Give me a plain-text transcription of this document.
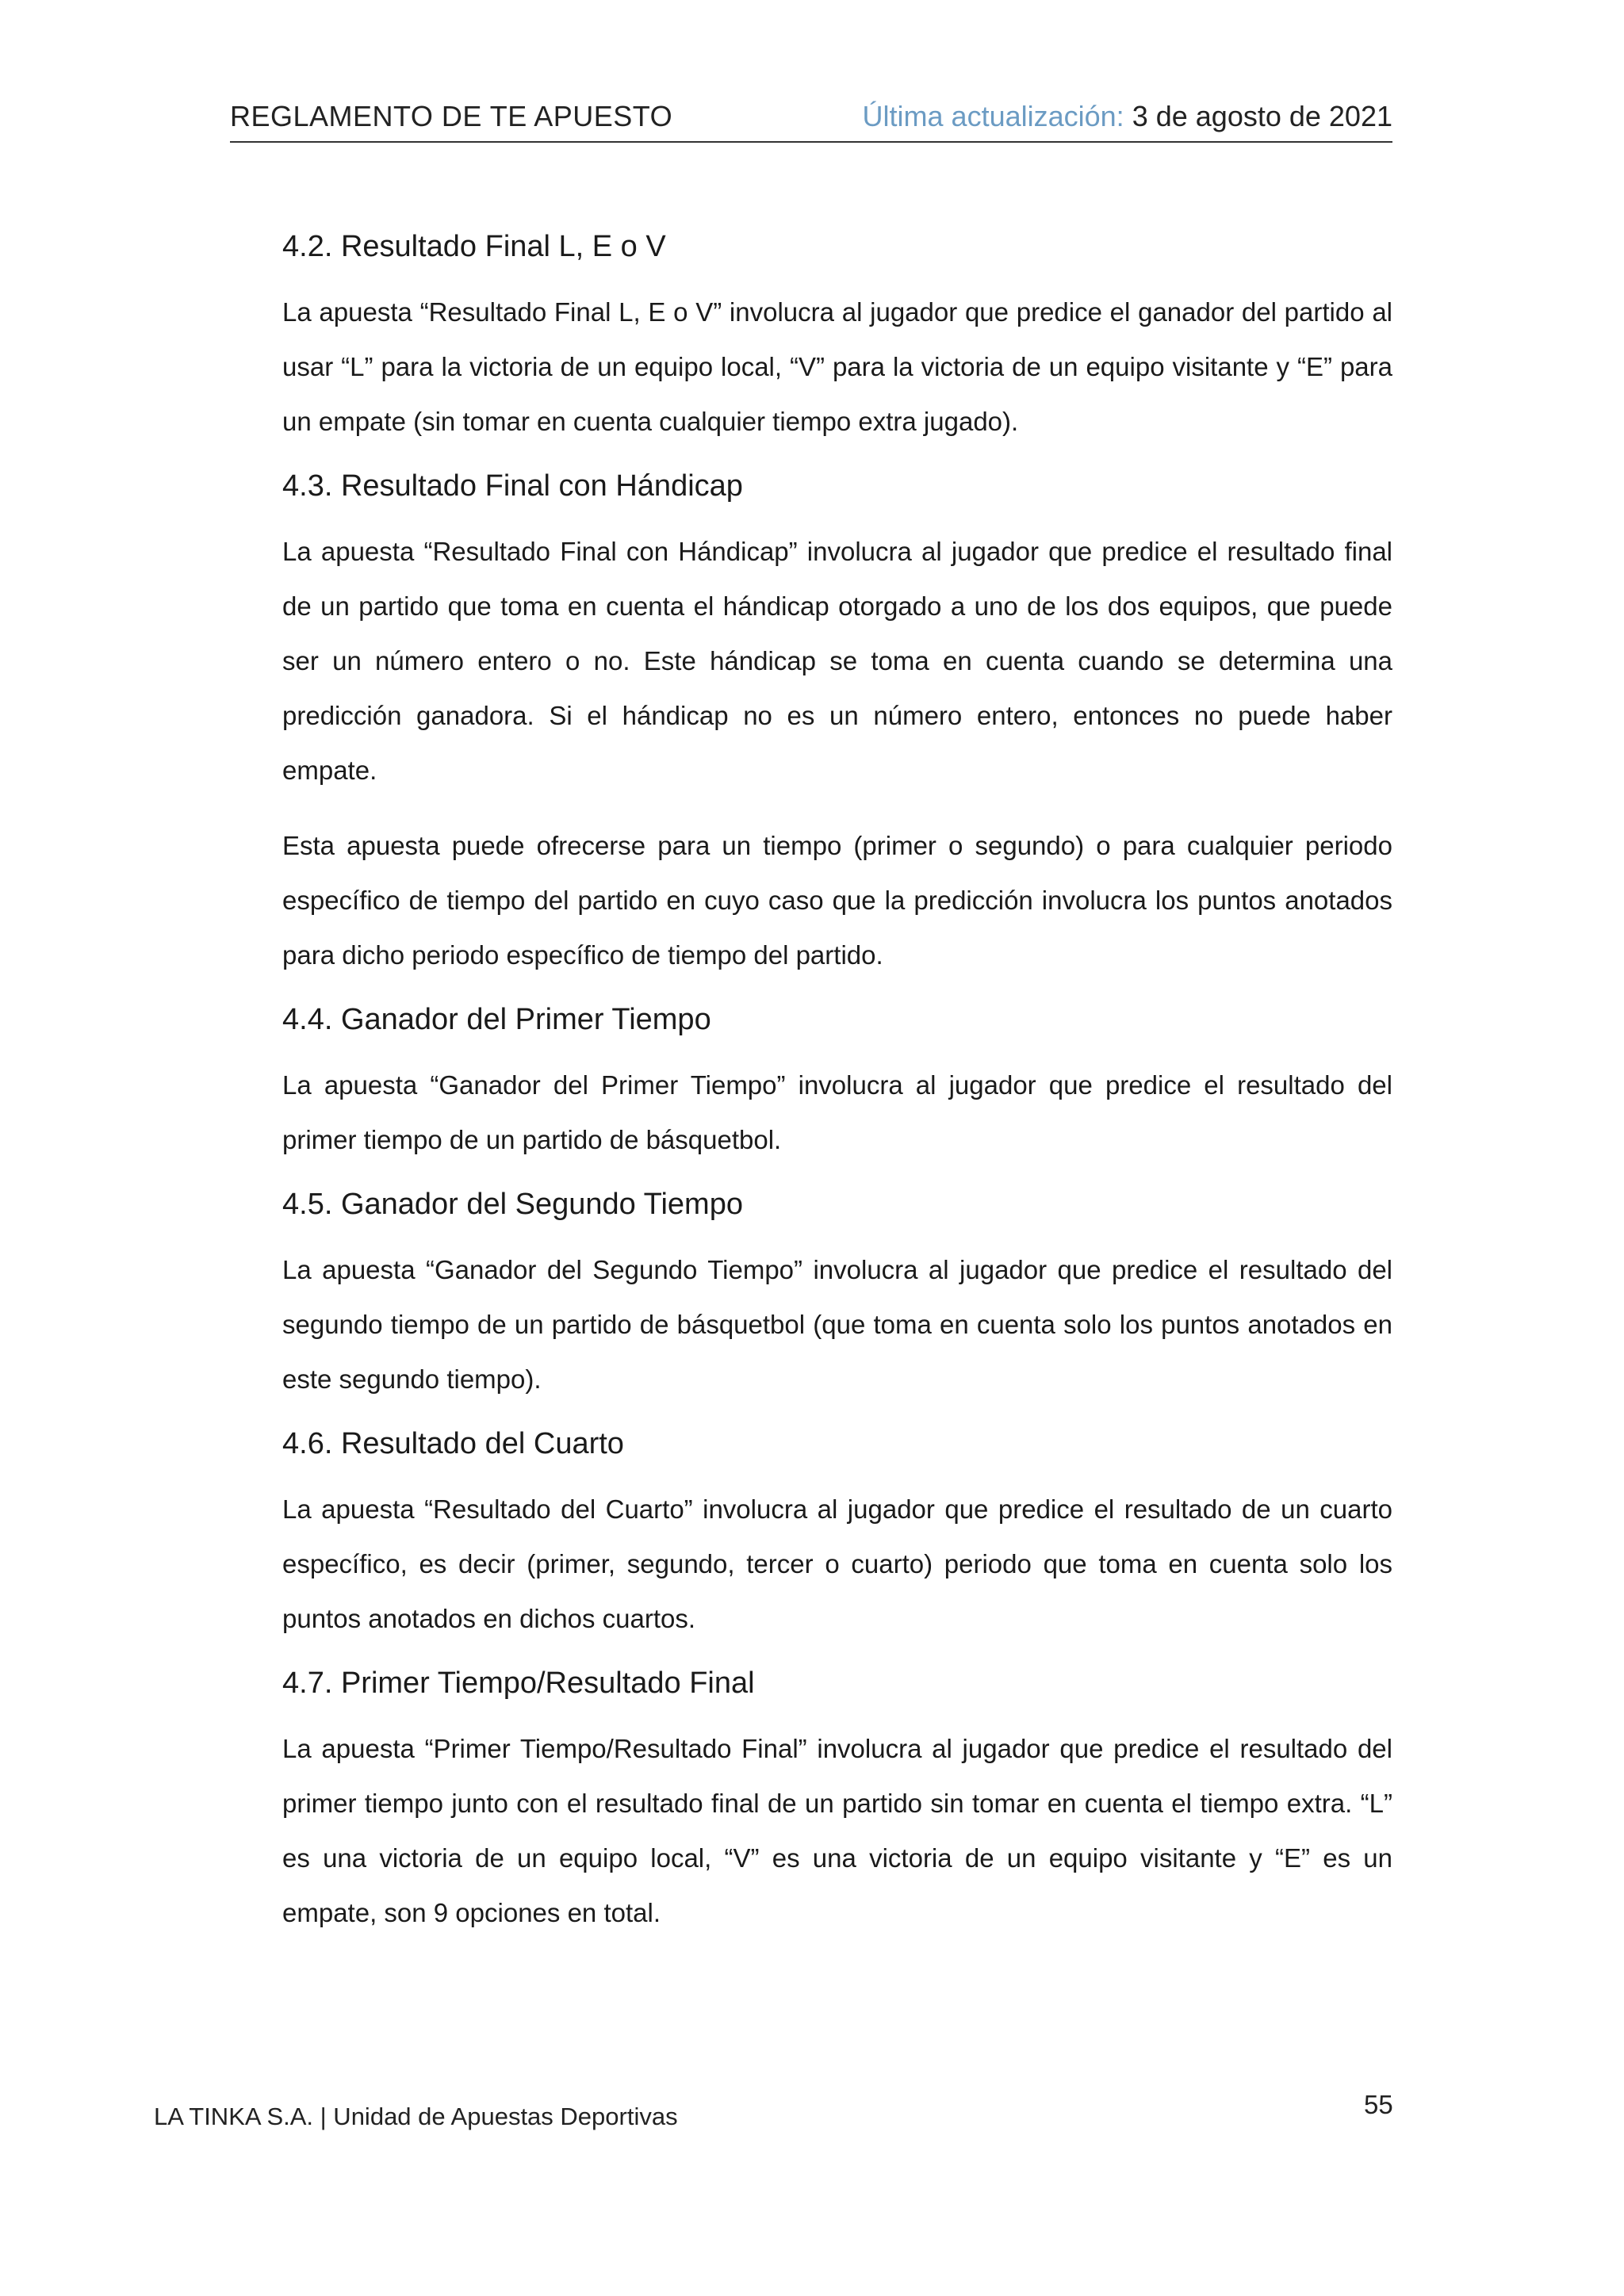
REGLAMENTO DE TE APUESTO	Última actualización: 3 de agosto de 2021
4.2. Resultado Final L, E o V

La apuesta “Resultado Final L, E o V” involucra al jugador que predice el ganador del partido al usar “L” para la victoria de un equipo local, “V” para la victoria de un equipo visitante y “E” para un empate (sin tomar en cuenta cualquier tiempo extra jugado).

4.3. Resultado Final con Hándicap

La apuesta “Resultado Final con Hándicap” involucra al jugador que predice el resultado final de un partido que toma en cuenta el hándicap otorgado a uno de los dos equipos, que puede ser un número entero o no. Este hándicap se toma en cuenta cuando se determina una predicción ganadora. Si el hándicap no es un número entero, entonces no puede haber empate.

Esta apuesta puede ofrecerse para un tiempo (primer o segundo) o para cualquier periodo específico de tiempo del partido en cuyo caso que la predicción involucra los puntos anotados para dicho periodo específico de tiempo del partido.

4.4. Ganador del Primer Tiempo

La apuesta “Ganador del Primer Tiempo” involucra al jugador que predice el resultado del primer tiempo de un partido de básquetbol.

4.5. Ganador del Segundo Tiempo

La apuesta “Ganador del Segundo Tiempo” involucra al jugador que predice el resultado del segundo tiempo de un partido de básquetbol (que toma en cuenta solo los puntos anotados en este segundo tiempo).

4.6. Resultado del Cuarto

La apuesta “Resultado del Cuarto” involucra al jugador que predice el resultado de un cuarto específico, es decir (primer, segundo, tercer o cuarto) periodo que toma en cuenta solo los puntos anotados en dichos cuartos.

4.7. Primer Tiempo/Resultado Final

La apuesta “Primer Tiempo/Resultado Final” involucra al jugador que predice el resultado del primer tiempo junto con el resultado final de un partido sin tomar en cuenta el tiempo extra. “L” es una victoria de un equipo local, “V” es una victoria de un equipo visitante y “E” es un empate, son 9 opciones en total.

LA TINKA S.A. | Unidad de Apuestas Deportivas	55
